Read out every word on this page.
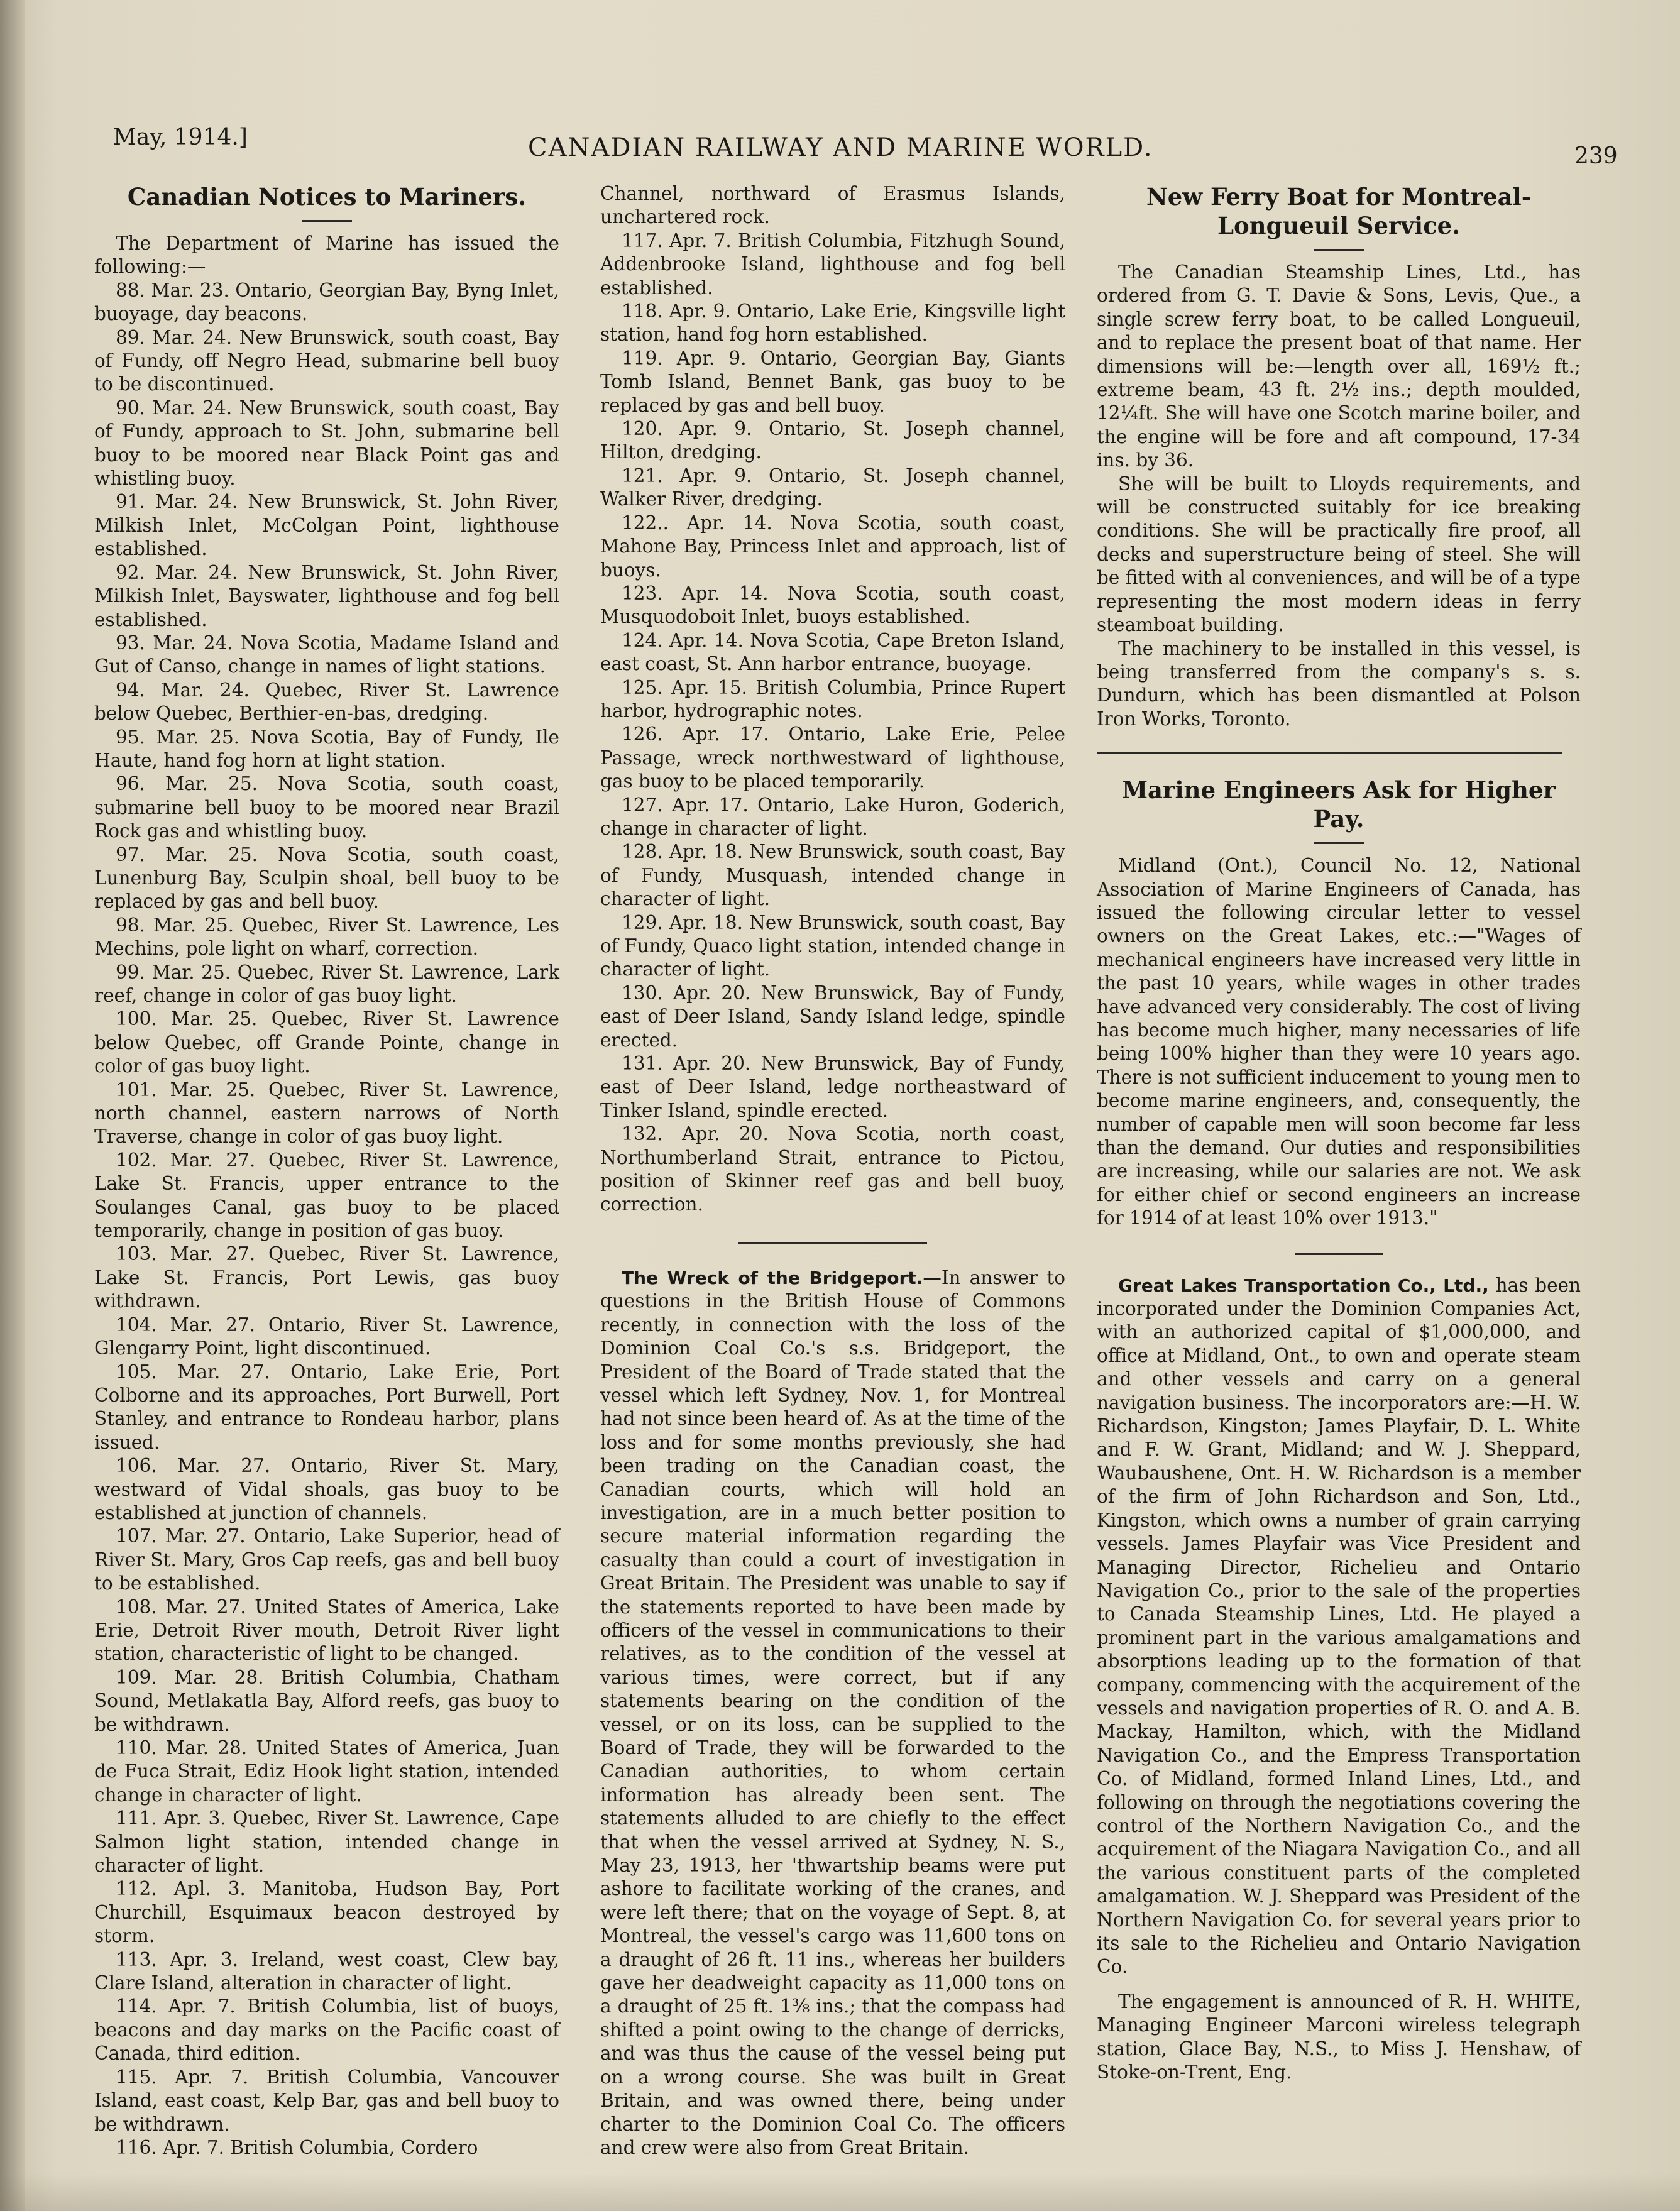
May, 1914.]	CANADIAN RAILWAY AND MARINE WORLD.	239
Canadian Notices to Mariners.

The Department of Marine has issued the following:—

88. Mar. 23. Ontario, Georgian Bay, Byng Inlet, buoyage, day beacons.

89. Mar. 24. New Brunswick, south coast, Bay of Fundy, off Negro Head, submarine bell buoy to be discontinued.

90. Mar. 24. New Brunswick, south coast, Bay of Fundy, approach to St. John, submarine bell buoy to be moored near Black Point gas and whistling buoy.

91. Mar. 24. New Brunswick, St. John River, Milkish Inlet, McColgan Point, lighthouse established.

92. Mar. 24. New Brunswick, St. John River, Milkish Inlet, Bayswater, lighthouse and fog bell established.

93. Mar. 24. Nova Scotia, Madame Island and Gut of Canso, change in names of light stations.

94. Mar. 24. Quebec, River St. Lawrence below Quebec, Berthier-en-bas, dredging.

95. Mar. 25. Nova Scotia, Bay of Fundy, Ile Haute, hand fog horn at light station.

96. Mar. 25. Nova Scotia, south coast, submarine bell buoy to be moored near Brazil Rock gas and whistling buoy.

97. Mar. 25. Nova Scotia, south coast, Lunenburg Bay, Sculpin shoal, bell buoy to be replaced by gas and bell buoy.

98. Mar. 25. Quebec, River St. Lawrence, Les Mechins, pole light on wharf, correction.

99. Mar. 25. Quebec, River St. Lawrence, Lark reef, change in color of gas buoy light.

100. Mar. 25. Quebec, River St. Lawrence below Quebec, off Grande Pointe, change in color of gas buoy light.

101. Mar. 25. Quebec, River St. Lawrence, north channel, eastern narrows of North Traverse, change in color of gas buoy light.

102. Mar. 27. Quebec, River St. Lawrence, Lake St. Francis, upper entrance to the Soulanges Canal, gas buoy to be placed temporarily, change in position of gas buoy.

103. Mar. 27. Quebec, River St. Lawrence, Lake St. Francis, Port Lewis, gas buoy withdrawn.

104. Mar. 27. Ontario, River St. Lawrence, Glengarry Point, light discontinued.

105. Mar. 27. Ontario, Lake Erie, Port Colborne and its approaches, Port Burwell, Port Stanley, and entrance to Rondeau harbor, plans issued.

106. Mar. 27. Ontario, River St. Mary, westward of Vidal shoals, gas buoy to be established at junction of channels.

107. Mar. 27. Ontario, Lake Superior, head of River St. Mary, Gros Cap reefs, gas and bell buoy to be established.

108. Mar. 27. United States of America, Lake Erie, Detroit River mouth, Detroit River light station, characteristic of light to be changed.

109. Mar. 28. British Columbia, Chatham Sound, Metlakatla Bay, Alford reefs, gas buoy to be withdrawn.

110. Mar. 28. United States of America, Juan de Fuca Strait, Ediz Hook light station, intended change in character of light.

111. Apr. 3. Quebec, River St. Lawrence, Cape Salmon light station, intended change in character of light.

112. Apl. 3. Manitoba, Hudson Bay, Port Churchill, Esquimaux beacon destroyed by storm.

113. Apr. 3. Ireland, west coast, Clew bay, Clare Island, alteration in character of light.

114. Apr. 7. British Columbia, list of buoys, beacons and day marks on the Pacific coast of Canada, third edition.

115. Apr. 7. British Columbia, Vancouver Island, east coast, Kelp Bar, gas and bell buoy to be withdrawn.

116. Apr. 7. British Columbia, Cordero

Channel, northward of Erasmus Islands, unchartered rock.

117. Apr. 7. British Columbia, Fitzhugh Sound, Addenbrooke Island, lighthouse and fog bell established.

118. Apr. 9. Ontario, Lake Erie, Kingsville light station, hand fog horn established.

119. Apr. 9. Ontario, Georgian Bay, Giants Tomb Island, Bennet Bank, gas buoy to be replaced by gas and bell buoy.

120. Apr. 9. Ontario, St. Joseph channel, Hilton, dredging.

121. Apr. 9. Ontario, St. Joseph channel, Walker River, dredging.

122.. Apr. 14. Nova Scotia, south coast, Mahone Bay, Princess Inlet and approach, list of buoys.

123. Apr. 14. Nova Scotia, south coast, Musquodoboit Inlet, buoys established.

124. Apr. 14. Nova Scotia, Cape Breton Island, east coast, St. Ann harbor entrance, buoyage.

125. Apr. 15. British Columbia, Prince Rupert harbor, hydrographic notes.

126. Apr. 17. Ontario, Lake Erie, Pelee Passage, wreck northwestward of lighthouse, gas buoy to be placed temporarily.

127. Apr. 17. Ontario, Lake Huron, Goderich, change in character of light.

128. Apr. 18. New Brunswick, south coast, Bay of Fundy, Musquash, intended change in character of light.

129. Apr. 18. New Brunswick, south coast, Bay of Fundy, Quaco light station, intended change in character of light.

130. Apr. 20. New Brunswick, Bay of Fundy, east of Deer Island, Sandy Island ledge, spindle erected.

131. Apr. 20. New Brunswick, Bay of Fundy, east of Deer Island, ledge northeastward of Tinker Island, spindle erected.

132. Apr. 20. Nova Scotia, north coast, Northumberland Strait, entrance to Pictou, position of Skinner reef gas and bell buoy, correction.

The Wreck of the Bridgeport.—In answer to questions in the British House of Commons recently, in connection with the loss of the Dominion Coal Co.'s s.s. Bridgeport, the President of the Board of Trade stated that the vessel which left Sydney, Nov. 1, for Montreal had not since been heard of. As at the time of the loss and for some months previously, she had been trading on the Canadian coast, the Canadian courts, which will hold an investigation, are in a much better position to secure material information regarding the casualty than could a court of investigation in Great Britain. The President was unable to say if the statements reported to have been made by officers of the vessel in communications to their relatives, as to the condition of the vessel at various times, were correct, but if any statements bearing on the condition of the vessel, or on its loss, can be supplied to the Board of Trade, they will be forwarded to the Canadian authorities, to whom certain information has already been sent. The statements alluded to are chiefly to the effect that when the vessel arrived at Sydney, N. S., May 23, 1913, her 'thwartship beams were put ashore to facilitate working of the cranes, and were left there; that on the voyage of Sept. 8, at Montreal, the vessel's cargo was 11,600 tons on a draught of 26 ft. 11 ins., whereas her builders gave her deadweight capacity as 11,000 tons on a draught of 25 ft. 1⅜ ins.; that the compass had shifted a point owing to the change of derricks, and was thus the cause of the vessel being put on a wrong course. She was built in Great Britain, and was owned there, being under charter to the Dominion Coal Co. The officers and crew were also from Great Britain.

New Ferry Boat for Montreal-Longueuil Service.

The Canadian Steamship Lines, Ltd., has ordered from G. T. Davie & Sons, Levis, Que., a single screw ferry boat, to be called Longueuil, and to replace the present boat of that name. Her dimensions will be:—length over all, 169½ ft.; extreme beam, 43 ft. 2½ ins.; depth moulded, 12¼ft. She will have one Scotch marine boiler, and the engine will be fore and aft compound, 17-34 ins. by 36.

She will be built to Lloyds requirements, and will be constructed suitably for ice breaking conditions. She will be practically fire proof, all decks and superstructure being of steel. She will be fitted with al conveniences, and will be of a type representing the most modern ideas in ferry steamboat building.

The machinery to be installed in this vessel, is being transferred from the company's s. s. Dundurn, which has been dismantled at Polson Iron Works, Toronto.

Marine Engineers Ask for Higher Pay.

Midland (Ont.), Council No. 12, National Association of Marine Engineers of Canada, has issued the following circular letter to vessel owners on the Great Lakes, etc.:—"Wages of mechanical engineers have increased very little in the past 10 years, while wages in other trades have advanced very considerably. The cost of living has become much higher, many necessaries of life being 100% higher than they were 10 years ago. There is not sufficient inducement to young men to become marine engineers, and, consequently, the number of capable men will soon become far less than the demand. Our duties and responsibilities are increasing, while our salaries are not. We ask for either chief or second engineers an increase for 1914 of at least 10% over 1913."

Great Lakes Transportation Co., Ltd., has been incorporated under the Dominion Companies Act, with an authorized capital of $1,000,000, and office at Midland, Ont., to own and operate steam and other vessels and carry on a general navigation business. The incorporators are:—H. W. Richardson, Kingston; James Playfair, D. L. White and F. W. Grant, Midland; and W. J. Sheppard, Waubaushene, Ont. H. W. Richardson is a member of the firm of John Richardson and Son, Ltd., Kingston, which owns a number of grain carrying vessels. James Playfair was Vice President and Managing Director, Richelieu and Ontario Navigation Co., prior to the sale of the properties to Canada Steamship Lines, Ltd. He played a prominent part in the various amalgamations and absorptions leading up to the formation of that company, commencing with the acquirement of the vessels and navigation properties of R. O. and A. B. Mackay, Hamilton, which, with the Midland Navigation Co., and the Empress Transportation Co. of Midland, formed Inland Lines, Ltd., and following on through the negotiations covering the control of the Northern Navigation Co., and the acquirement of the Niagara Navigation Co., and all the various constituent parts of the completed amalgamation. W. J. Sheppard was President of the Northern Navigation Co. for several years prior to its sale to the Richelieu and Ontario Navigation Co.

The engagement is announced of R. H. WHITE, Managing Engineer Marconi wireless telegraph station, Glace Bay, N.S., to Miss J. Henshaw, of Stoke-on-Trent, Eng.
